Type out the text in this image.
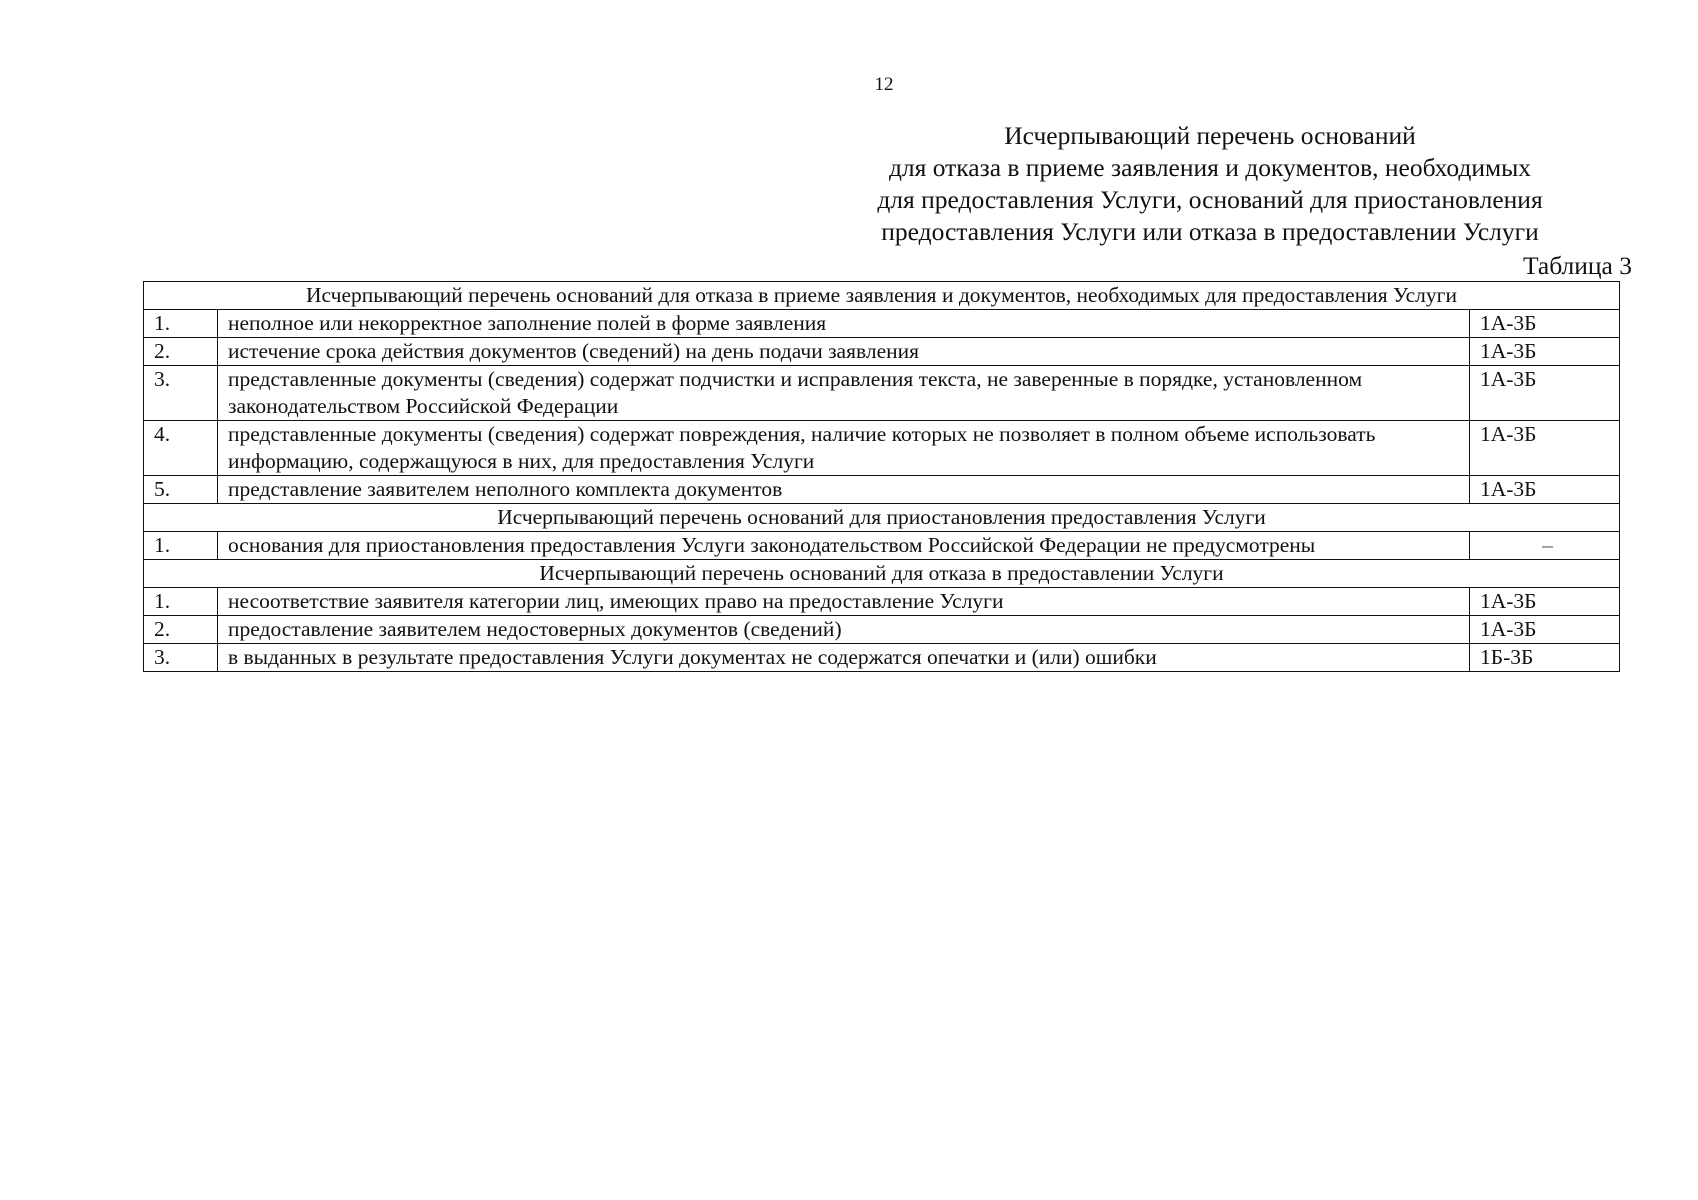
12
Исчерпывающий перечень оснований
для отказа в приеме заявления и документов, необходимых
для предоставления Услуги, оснований для приостановления
предоставления Услуги или отказа в предоставлении Услуги
Таблица 3
Исчерпывающий перечень оснований для отказа в приеме заявления и документов, необходимых для предоставления Услуги		
1.	неполное или некорректное заполнение полей в форме заявления	1А-3Б
2.	истечение срока действия документов (сведений) на день подачи заявления	1А-3Б
3.	представленные документы (сведения) содержат подчистки и исправления текста, не заверенные в порядке, установленном законодательством Российской Федерации	1А-3Б
4.	представленные документы (сведения) содержат повреждения, наличие которых не позволяет в полном объеме использовать информацию, содержащуюся в них, для предоставления Услуги	1А-3Б
5.	представление заявителем неполного комплекта документов	1А-3Б
Исчерпывающий перечень оснований для приостановления предоставления Услуги		
1.	основания для приостановления предоставления Услуги законодательством Российской Федерации не предусмотрены	–
Исчерпывающий перечень оснований для отказа в предоставлении Услуги		
1.	несоответствие заявителя категории лиц, имеющих право на предоставление Услуги	1А-3Б
2.	предоставление заявителем недостоверных документов (сведений)	1А-3Б
3.	в выданных в результате предоставления Услуги документах не содержатся опечатки и (или) ошибки	1Б-3Б
